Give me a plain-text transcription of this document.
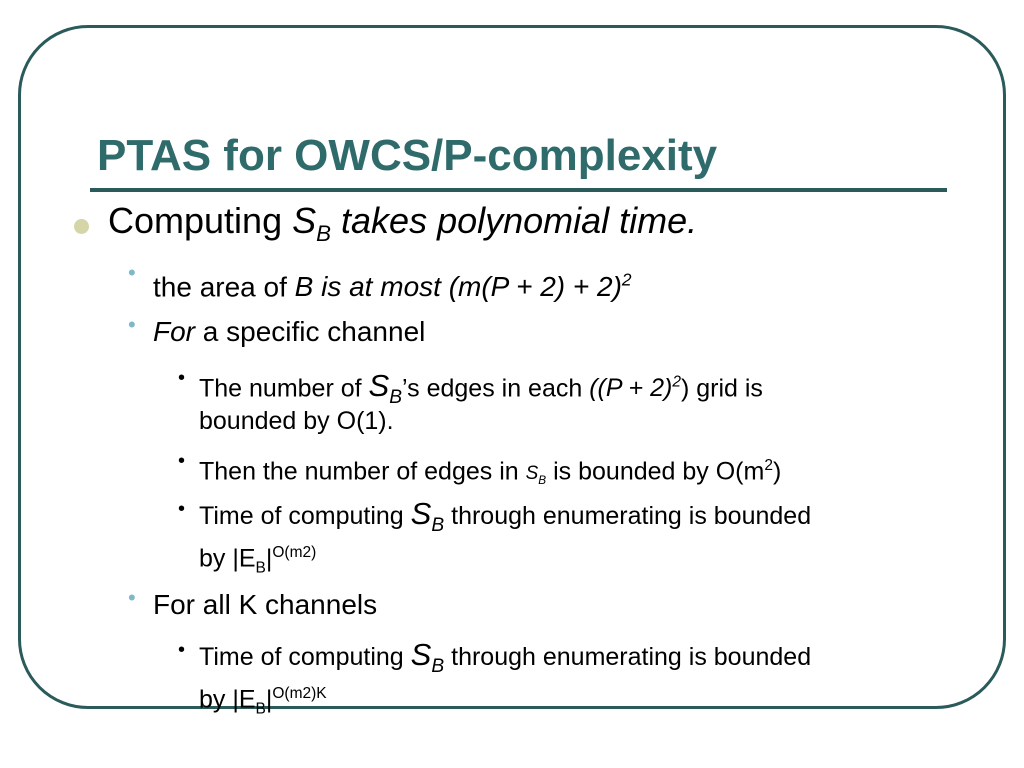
PTAS for OWCS/P-complexity
Computing $S_B$ takes polynomial time.
• the area of B is at most $(m(P + 2) + 2)^2$
• For a specific channel
• The number of $S_B’s$ edges in each $((P + 2)^2)$ grid is
bounded by O(1).
• Then the number of edges in $S_B$ is bounded by $O(m^2)$
• Time of computing $S_B$ through enumerating is bounded
by $|E_B|^{O(m2)}$
• For all K channels
• Time of computing $S_B$ through enumerating is bounded
by $|E_B|^{O(m2)K}$
